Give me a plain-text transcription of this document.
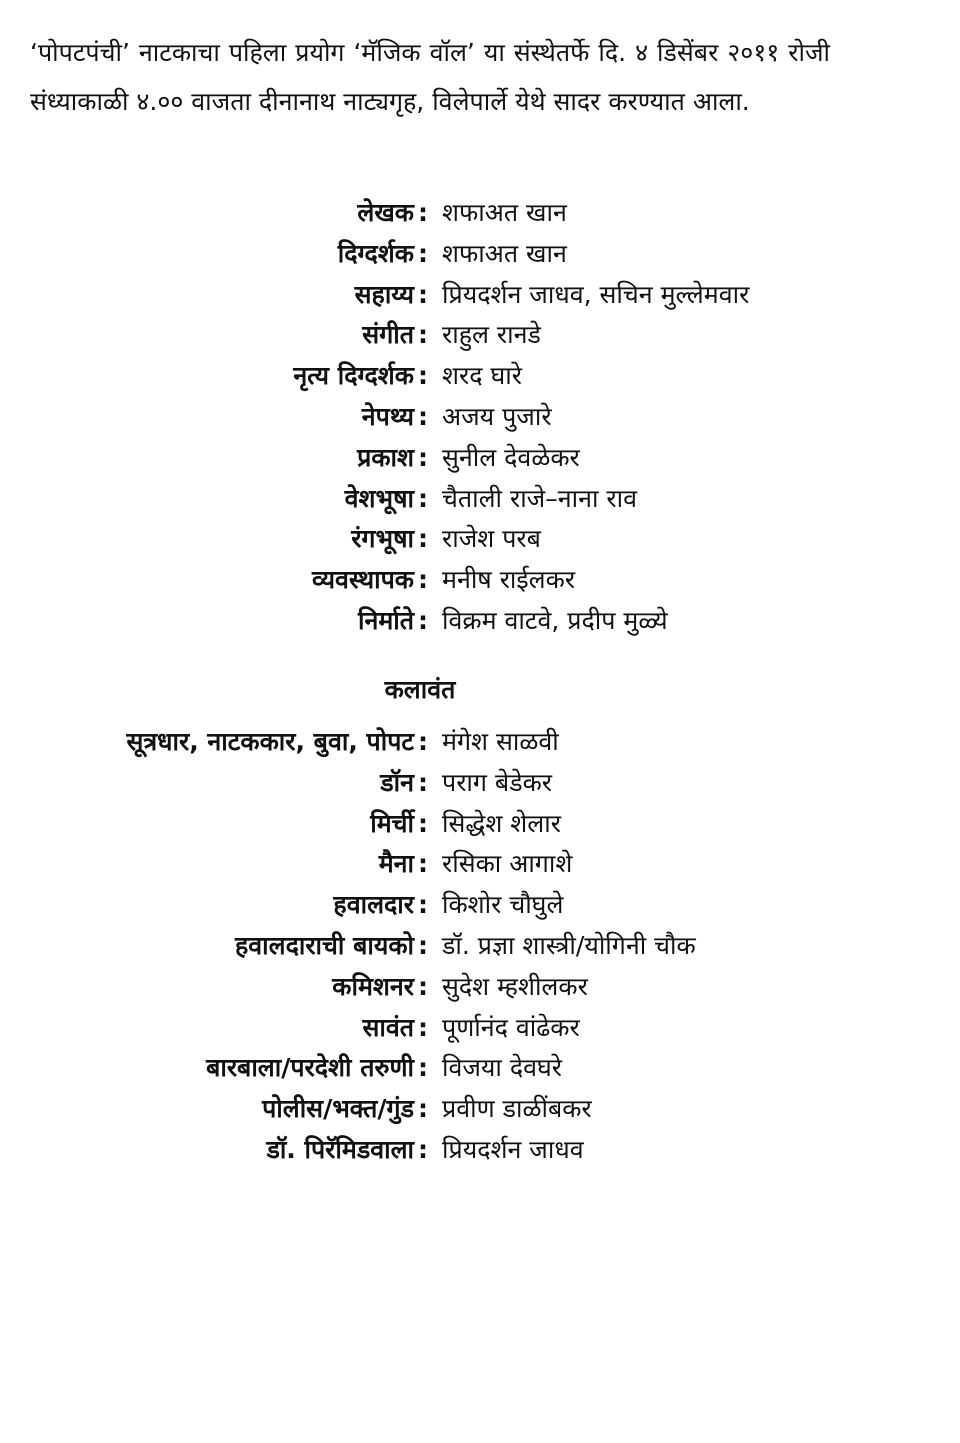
‘पोपटपंची’ नाटकाचा पहिला प्रयोग ‘मॅजिक वॉल’ या संस्थेतर्फे दि. ४ डिसेंबर २०११ रोजी संध्याकाळी ४.०० वाजता दीनानाथ नाट्यगृह, विलेपार्ले येथे सादर करण्यात आला.

लेखक : शफाअत खान
दिग्दर्शक : शफाअत खान
सहाय्य : प्रियदर्शन जाधव, सचिन मुल्लेमवार
संगीत : राहुल रानडे
नृत्य दिग्दर्शक : शरद घारे
नेपथ्य : अजय पुजारे
प्रकाश : सुनील देवळेकर
वेशभूषा : चैताली राजे–नाना राव
रंगभूषा : राजेश परब
व्यवस्थापक : मनीष राईलकर
निर्माते : विक्रम वाटवे, प्रदीप मुळ्ये
कलावंत
सूत्रधार, नाटककार, बुवा, पोपट : मंगेश साळवी
डॉन : पराग बेडेकर
मिर्ची : सिद्धेश शेलार
मैना : रसिका आगाशे
हवालदार : किशोर चौघुले
हवालदाराची बायको : डॉ. प्रज्ञा शास्त्री/योगिनी चौक
कमिशनर : सुदेश म्हशीलकर
सावंत : पूर्णानंद वांढेकर
बारबाला/परदेशी तरुणी : विजया देवघरे
पोलीस/भक्त/गुंड : प्रवीण डाळींबकर
डॉ. पिरॅमिडवाला : प्रियदर्शन जाधव
